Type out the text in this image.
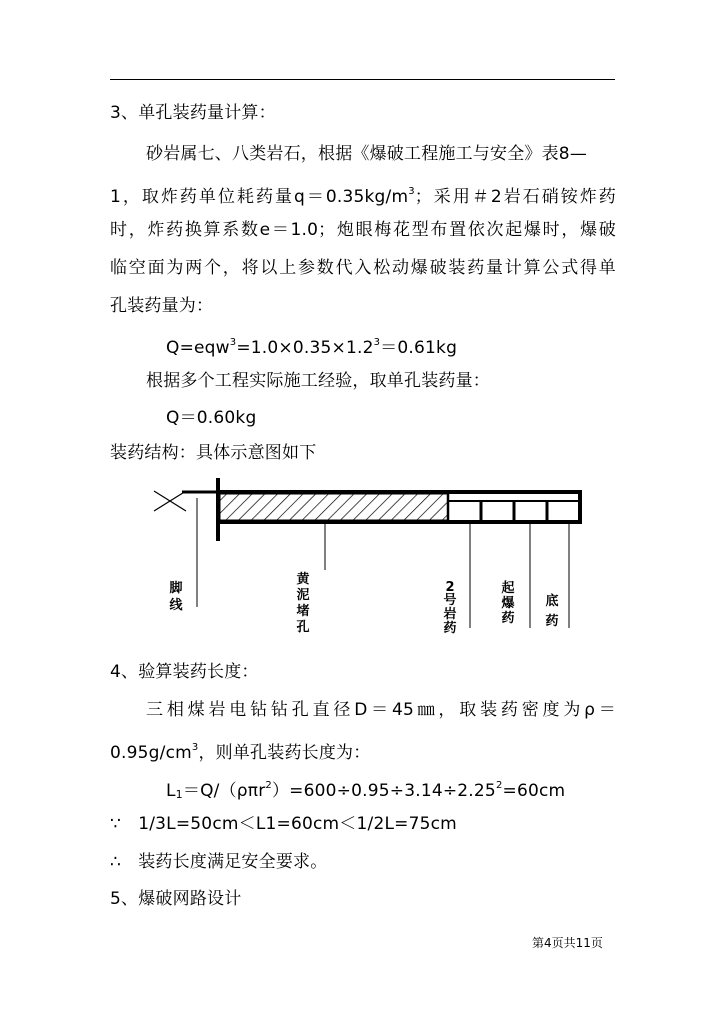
3、单孔装药量计算：
砂岩属七、八类岩石，根据《爆破工程施工与安全》表8—
1，取炸药单位耗药量$q=0.35kg/m^3$；采用＃2岩石硝铵炸药
时，炸药换算系数e＝1.0；炮眼梅花型布置依次起爆时，爆破
临空面为两个，将以上参数代入松动爆破装药量计算公式得单
孔装药量为：
$Q=eqw^3=1.0\times 0.35\times 1.2^3=0.61kg$
根据多个工程实际施工经验，取单孔装药量：
Q＝0.60kg
装药结构：具体示意图如下
脚
线
黄
泥
堵
孔
2
号
岩
药
起
爆
药
底
药
4、验算装药长度：
三相煤岩电钻钻孔直径D＝45㎜，取装药密度为ρ＝
$0.95g/cm^3$，则单孔装药长度为：
$L1=Q/(\rho\pi r^2)=600\div 0.95\div 3.14\div 2.25^2=60cm$
∵　1/3L=50cm＜L1=60cm＜1/2L=75cm
∴　装药长度满足安全要求。
5、爆破网路设计
第4页共11页
